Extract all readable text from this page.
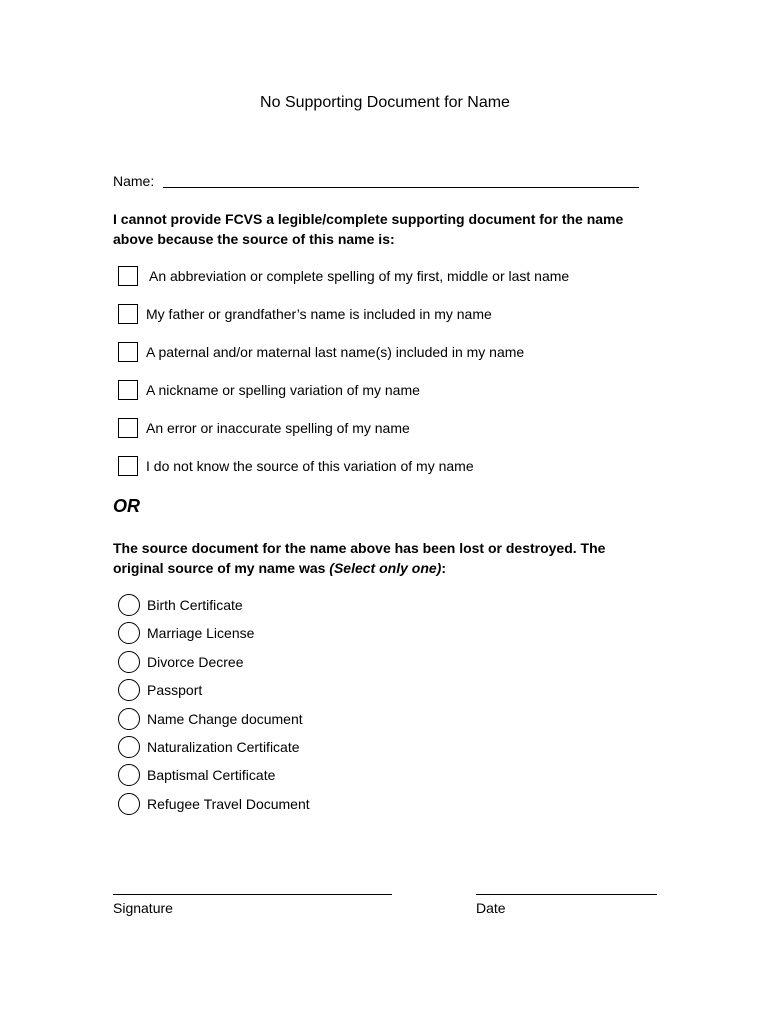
No Supporting Document for Name
Name:
I cannot provide FCVS a legible/complete supporting document for the name above because the source of this name is:
An abbreviation or complete spelling of my first, middle or last name
My father or grandfather’s name is included in my name
A paternal and/or maternal last name(s) included in my name
A nickname or spelling variation of my name
An error or inaccurate spelling of my name
I do not know the source of this variation of my name
OR
The source document for the name above has been lost or destroyed. The original source of my name was (Select only one):
Birth Certificate
Marriage License
Divorce Decree
Passport
Name Change document
Naturalization Certificate
Baptismal Certificate
Refugee Travel Document
Signature	Date
